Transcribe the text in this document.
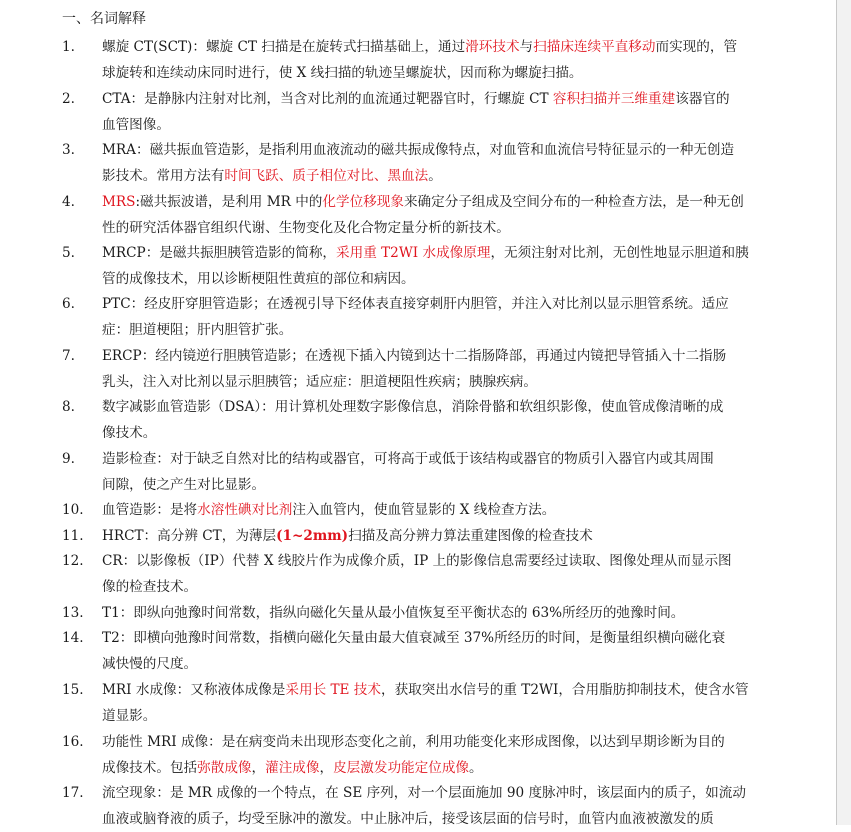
一、名词解释
1.	螺旋 CT(SCT)：螺旋 CT 扫描是在旋转式扫描基础上，通过滑环技术与扫描床连续平直移动而实现的，管
球旋转和连续动床同时进行，使 X 线扫描的轨迹呈螺旋状，因而称为螺旋扫描。
2.	CTA：是静脉内注射对比剂，当含对比剂的血流通过靶器官时，行螺旋 CT 容积扫描并三维重建该器官的
血管图像。
3.	MRA：磁共振血管造影，是指利用血液流动的磁共振成像特点，对血管和血流信号特征显示的一种无创造
影技术。常用方法有时间飞跃、质子相位对比、黑血法。
4.	MRS:磁共振波谱，是利用 MR 中的化学位移现象来确定分子组成及空间分布的一种检查方法，是一种无创
性的研究活体器官组织代谢、生物变化及化合物定量分析的新技术。
5.	MRCP：是磁共振胆胰管造影的简称，采用重 T2WI 水成像原理，无须注射对比剂，无创性地显示胆道和胰
管的成像技术，用以诊断梗阻性黄疸的部位和病因。
6.	PTC：经皮肝穿胆管造影；在透视引导下经体表直接穿刺肝内胆管，并注入对比剂以显示胆管系统。适应
症：胆道梗阻；肝内胆管扩张。
7.	ERCP：经内镜逆行胆胰管造影；在透视下插入内镜到达十二指肠降部，再通过内镜把导管插入十二指肠
乳头，注入对比剂以显示胆胰管；适应症：胆道梗阻性疾病；胰腺疾病。
8.	数字减影血管造影（DSA）：用计算机处理数字影像信息，消除骨骼和软组织影像，使血管成像清晰的成
像技术。
9.	造影检查：对于缺乏自然对比的结构或器官，可将高于或低于该结构或器官的物质引入器官内或其周围
间隙，使之产生对比显影。
10.	血管造影：是将水溶性碘对比剂注入血管内，使血管显影的 X 线检查方法。
11.	HRCT：高分辨 CT，为薄层(1~2mm)扫描及高分辨力算法重建图像的检查技术
12.	CR：以影像板（IP）代替 X 线胶片作为成像介质，IP 上的影像信息需要经过读取、图像处理从而显示图
像的检查技术。
13.	T1：即纵向弛豫时间常数，指纵向磁化矢量从最小值恢复至平衡状态的 63%所经历的弛豫时间。
14.	T2：即横向弛豫时间常数，指横向磁化矢量由最大值衰减至 37%所经历的时间，是衡量组织横向磁化衰
减快慢的尺度。
15.	MRI 水成像：又称液体成像是采用长 TE 技术，获取突出水信号的重 T2WI，合用脂肪抑制技术，使含水管
道显影。
16.	功能性 MRI 成像：是在病变尚未出现形态变化之前，利用功能变化来形成图像，以达到早期诊断为目的
成像技术。包括弥散成像，灌注成像，皮层激发功能定位成像。
17.	流空现象：是 MR 成像的一个特点，在 SE 序列，对一个层面施加 90 度脉冲时，该层面内的质子，如流动
血液或脑脊液的质子，均受至脉冲的激发。中止脉冲后，接受该层面的信号时，血管内血液被激发的质
